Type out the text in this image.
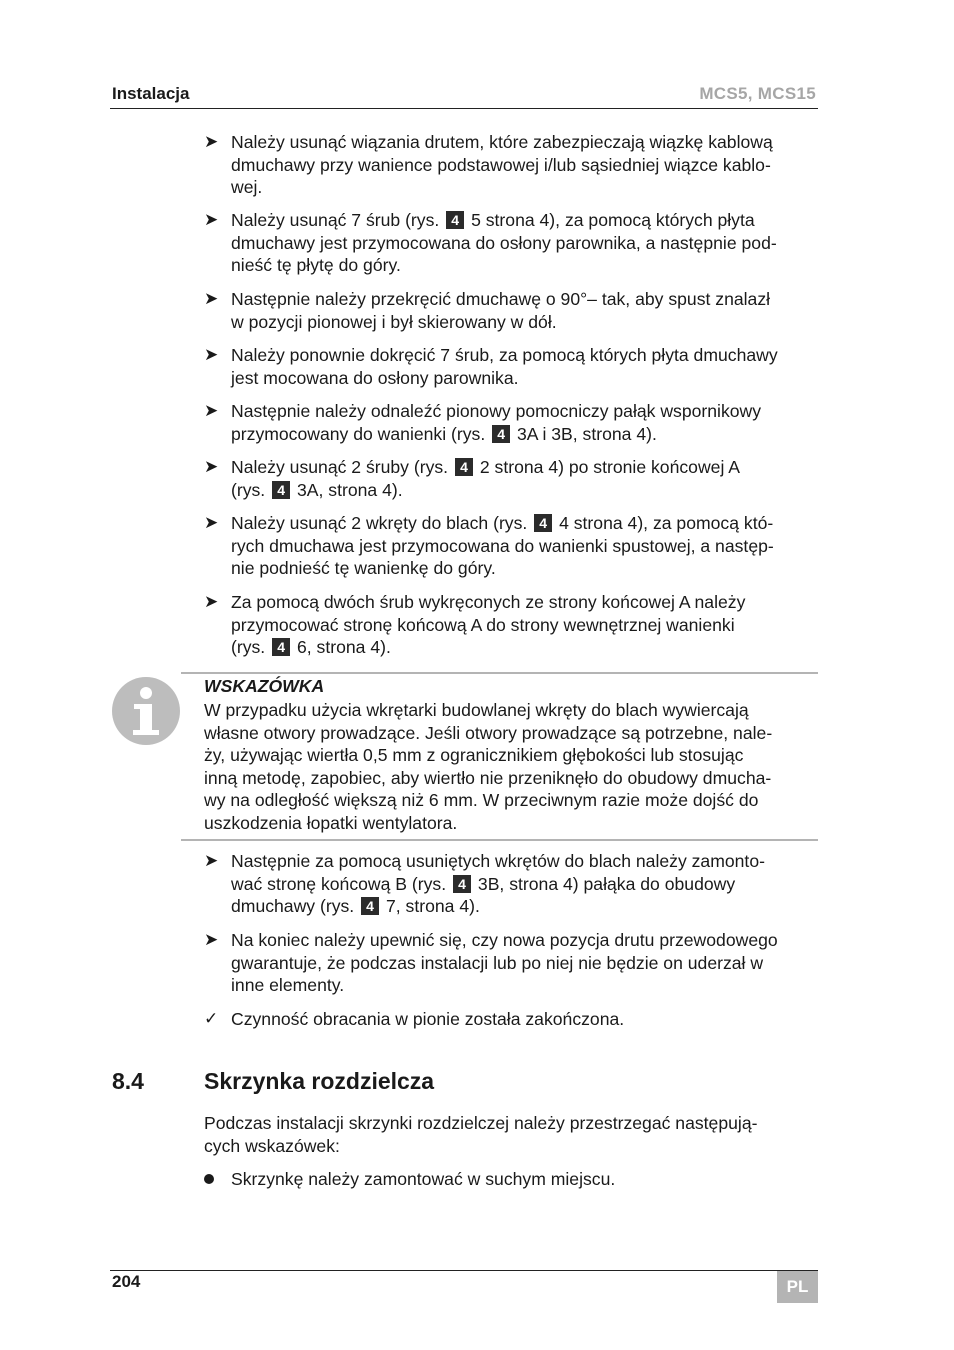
Instalacja	MCS5, MCS15
➤ Należy usunąć wiązania drutem, które zabezpieczają wiązkę kablową
dmuchawy przy wanience podstawowej i/lub sąsiedniej wiązce kablo-
wej.
➤ Należy usunąć 7 śrub (rys. 4 5 strona 4), za pomocą których płyta
dmuchawy jest przymocowana do osłony parownika, a następnie pod-
nieść tę płytę do góry.
➤ Następnie należy przekręcić dmuchawę o 90°– tak, aby spust znalazł
w pozycji pionowej i był skierowany w dół.
➤ Należy ponownie dokręcić 7 śrub, za pomocą których płyta dmuchawy
jest mocowana do osłony parownika.
➤ Następnie należy odnaleźć pionowy pomocniczy pałąk wspornikowy
przymocowany do wanienki (rys. 4 3A i 3B, strona 4).
➤ Należy usunąć 2 śruby (rys. 4 2 strona 4) po stronie końcowej A
(rys. 4 3A, strona 4).
➤ Należy usunąć 2 wkręty do blach (rys. 4 4 strona 4), za pomocą któ-
rych dmuchawa jest przymocowana do wanienki spustowej, a następ-
nie podnieść tę wanienkę do góry.
➤ Za pomocą dwóch śrub wykręconych ze strony końcowej A należy
przymocować stronę końcową A do strony wewnętrznej wanienki
(rys. 4 6, strona 4).
WSKAZÓWKA
W przypadku użycia wkrętarki budowlanej wkręty do blach wywiercają
własne otwory prowadzące. Jeśli otwory prowadzące są potrzebne, nale-
ży, używając wiertła 0,5 mm z ogranicznikiem głębokości lub stosując
inną metodę, zapobiec, aby wiertło nie przeniknęło do obudowy dmucha-
wy na odległość większą niż 6 mm. W przeciwnym razie może dojść do
uszkodzenia łopatki wentylatora.
➤ Następnie za pomocą usuniętych wkrętów do blach należy zamonto-
wać stronę końcową B (rys. 4 3B, strona 4) pałąka do obudowy
dmuchawy (rys. 4 7, strona 4).
➤ Na koniec należy upewnić się, czy nowa pozycja drutu przewodowego
gwarantuje, że podczas instalacji lub po niej nie będzie on uderzał w
inne elementy.
✓ Czynność obracania w pionie została zakończona.
8.4	Skrzynka rozdzielcza
Podczas instalacji skrzynki rozdzielczej należy przestrzegać następują-
cych wskazówek:
Skrzynkę należy zamontować w suchym miejscu.
204	PL
